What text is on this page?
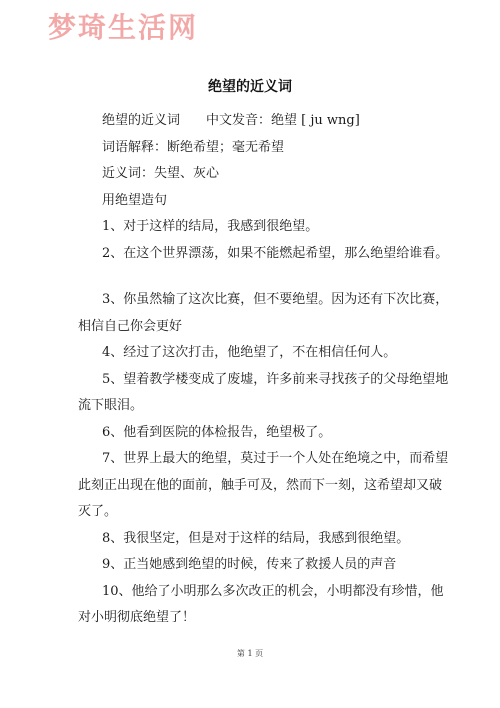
梦琦生活网
绝望的近义词

绝望的近义词　　中文发音：绝望 [ ju wng]

词语解释：断绝希望；毫无希望

近义词：失望、灰心

用绝望造句

1、对于这样的结局，我感到很绝望。

2、在这个世界漂荡，如果不能燃起希望，那么绝望给谁看。

3、你虽然输了这次比赛，但不要绝望。因为还有下次比赛，相信自己你会更好

4、经过了这次打击，他绝望了，不在相信任何人。

5、望着教学楼变成了废墟，许多前来寻找孩子的父母绝望地流下眼泪。

6、他看到医院的体检报告，绝望极了。

7、世界上最大的绝望，莫过于一个人处在绝境之中，而希望此刻正出现在他的面前，触手可及，然而下一刻，这希望却又破灭了。

8、我很坚定，但是对于这样的结局，我感到很绝望。

9、正当她感到绝望的时候，传来了救援人员的声音

10、他给了小明那么多次改正的机会，小明都没有珍惜，他对小明彻底绝望了！

第 1 页
